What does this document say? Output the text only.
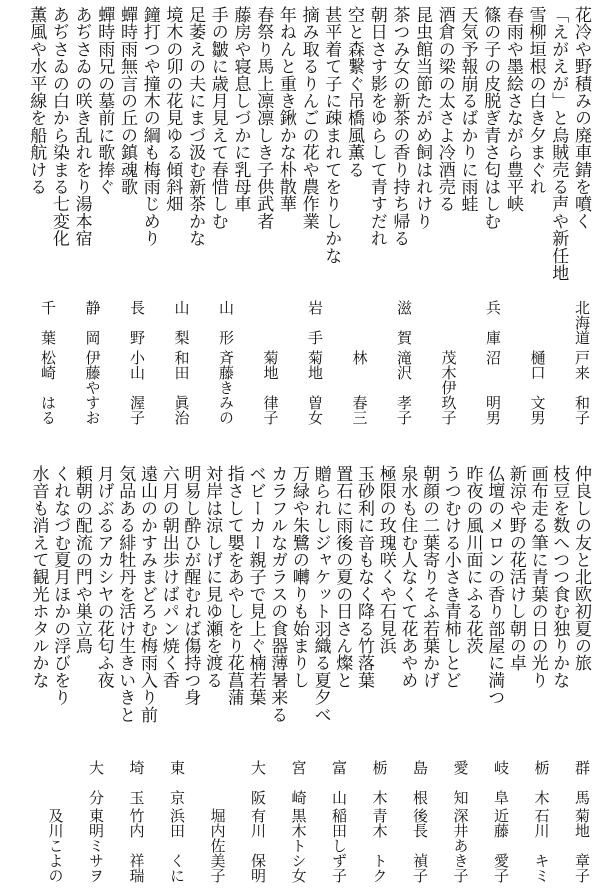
花冷や野積みの廃車錆を噴く
「えがえが」と烏賊売る声や新任地
雪柳垣根の白き夕まぐれ
春雨や墨絵さながら豊平峡
篠の子の皮脱ぎ青さ匂はしむ
天気予報崩るばかりに雨蛙
酒倉の梁の太さよ冷酒売る
昆虫館当節たがめ飼はれけり
茶つみ女の新茶の香り持ち帰る
朝日さす影をゆらして青すだれ
空と森繋ぐ吊橋風薫る
甚平着て子に疎まれてをりしかな
摘み取るりんごの花や農作業
年ねんと重き鍬かな朴散華
春祭り馬上凛凛しき子供武者
藤房や寝息しづかに乳母車
手の皺に歳月見えて春惜しむ
足萎えの夫にまづ汲む新茶かな
境木の卯の花見ゆる傾斜畑
鐘打つや撞木の綱も梅雨じめり
蟬時雨無言の丘の鎮魂歌
蟬時雨兄の墓前に歌捧ぐ
あぢさゐの咲き乱れをり湯本宿
あぢさゐの白から染まる七変化
薫風や水平線を船航ける
北海道
戸来　和子
樋口　文男
兵　庫
沼　　明男
茂木伊玖子
滋　賀
滝沢　孝子
林　　春三
岩　手
菊地　曽女
菊地　律子
山　形
斉藤きみの
山　梨
和田　眞治
長　野
小山　渥子
静　岡
伊藤やすお
千　葉
松崎　はる
仲良しの友と北欧初夏の旅
枝豆を数へつつ食む独りかな
画布走る筆に青葉の日の光り
新涼や野の花活けし朝の卓
仏壇のメロンの香り部屋に満つ
昨夜の風川面にふる花茨
うつむける小さき青柿しとど
朝顔の二葉寄りそふ若葉かげ
泉水も住む人なくて花あやめ
極限の玫瑰咲くや石見浜
玉砂利に音もなく降る竹落葉
置石に雨後の夏の日さん燦と
贈られしジャケット羽織る夏夕べ
万緑や朱鷺の囀りも始まりし
カラフルなガラスの食器薄暑来る
ベビーカー親子で見上ぐ楠若葉
指さして嬰をあやしをり花菖蒲
対岸は涼しげに見ゆ瀬を渡る
明易し酔ひが醒むれば傷持つ身
六月の朝出歩けばパン焼く香
遠山のかすみまどろむ梅雨入り前
気品ある緋牡丹を活け生きいきと
月げぶるアカシヤの花匂ふ夜
頼朝の配流の門や巣立鳥
くれなづむ夏月ほかの浮びをり
水音も消えて観光ホタルかな
群　馬
菊地　章子
栃　木
石川　キミ
岐　阜
近藤　愛子
愛　知
深井あき子
島　根
後長　禎子
栃　木
青木　トク
富　山
稲田しず子
宮　崎
黒木トシ女
大　阪
有川　保明
堀内佐美子
東　京
浜田　くに
埼　玉
竹内　祥瑞
大　分
東明ミサヲ
及川こよの
